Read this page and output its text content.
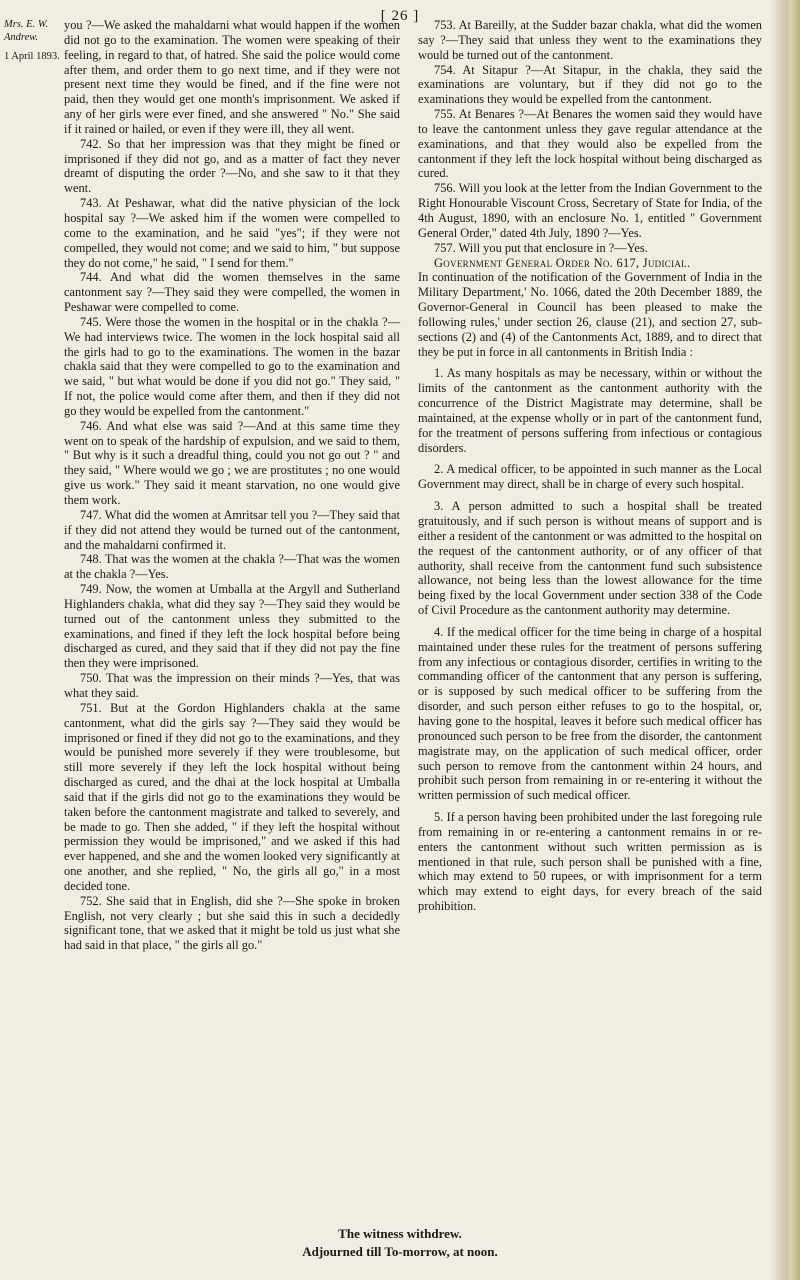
[ 26 ]
Mrs. E. W.
Andrew.
1 April 1893.

you ?—We asked the mahaldarni what would happen if the women did not go to the examination. The women were speaking of their feeling, in regard to that, of hatred. She said the police would come after them, and order them to go next time, and if they were not present next time they would be fined, and if the fine were not paid, then they would get one month's imprisonment. We asked if any of her girls were ever fined, and she answered " No." She said if it rained or hailed, or even if they were ill, they all went.

742. So that her impression was that they might be fined or imprisoned if they did not go, and as a matter of fact they never dreamt of disputing the order ?—No, and she saw to it that they went.

743. At Peshawar, what did the native physician of the lock hospital say ?—We asked him if the women were compelled to come to the examination, and he said "yes"; if they were not compelled, they would not come; and we said to him, " but suppose they do not come," he said, " I send for them."

744. And what did the women themselves in the same cantonment say ?—They said they were compelled, the women in Peshawar were compelled to come.

745. Were those the women in the hospital or in the chakla ?—We had interviews twice. The women in the lock hospital said all the girls had to go to the examinations. The women in the bazar chakla said that they were compelled to go to the examination and we said, " but what would be done if you did not go." They said, " If not, the police would come after them, and then if they did not go they would be expelled from the cantonment."

746. And what else was said ?—And at this same time they went on to speak of the hardship of expulsion, and we said to them, " But why is it such a dreadful thing, could you not go out ? " and they said, " Where would we go ; we are prostitutes ; no one would give us work." They said it meant starvation, no one would give them work.

747. What did the women at Amritsar tell you ?—They said that if they did not attend they would be turned out of the cantonment, and the mahaldarni confirmed it.

748. That was the women at the chakla ?—That was the women at the chakla ?—Yes.

749. Now, the women at Umballa at the Argyll and Sutherland Highlanders chakla, what did they say ?—They said they would be turned out of the cantonment unless they submitted to the examinations, and fined if they left the lock hospital before being discharged as cured, and they said that if they did not pay the fine then they were imprisoned.

750. That was the impression on their minds ?—Yes, that was what they said.

751. But at the Gordon Highlanders chakla at the same cantonment, what did the girls say ?—They said they would be imprisoned or fined if they did not go to the examinations, and they would be punished more severely if they were troublesome, but still more severely if they left the lock hospital without being discharged as cured, and the dhai at the lock hospital at Umballa said that if the girls did not go to the examinations they would be taken before the cantonment magistrate and talked to severely, and be made to go. Then she added, " if they left the hospital without permission they would be imprisoned," and we asked if this had ever happened, and she and the women looked very significantly at one another, and she replied, " No, the girls all go," in a most decided tone.

752. She said that in English, did she ?—She spoke in broken English, not very clearly ; but she said this in such a decidedly significant tone, that we asked that it might be told us just what she had said in that place, " the girls all go."

753. At Bareilly, at the Sudder bazar chakla, what did the women say ?—They said that unless they went to the examinations they would be turned out of the cantonment.

754. At Sitapur ?—At Sitapur, in the chakla, they said the examinations are voluntary, but if they did not go to the examinations they would be expelled from the cantonment.

755. At Benares ?—At Benares the women said they would have to leave the cantonment unless they gave regular attendance at the examinations, and that they would also be expelled from the cantonment if they left the lock hospital without being discharged as cured.

756. Will you look at the letter from the Indian Government to the Right Honourable Viscount Cross, Secretary of State for India, of the 4th August, 1890, with an enclosure No. 1, entitled " Government General Order," dated 4th July, 1890 ?—Yes.

757. Will you put that enclosure in ?—Yes.

Government General Order No. 617, Judicial.

In continuation of the notification of the Government of India in the Military Department,' No. 1066, dated the 20th December 1889, the Governor-General in Council has been pleased to make the following rules,' under section 26, clause (21), and section 27, sub-sections (2) and (4) of the Cantonments Act, 1889, and to direct that they be put in force in all cantonments in British India :

1. As many hospitals as may be necessary, within or without the limits of the cantonment as the cantonment authority with the concurrence of the District Magistrate may determine, shall be maintained, at the expense wholly or in part of the cantonment fund, for the treatment of persons suffering from infectious or contagious disorders.

2. A medical officer, to be appointed in such manner as the Local Government may direct, shall be in charge of every such hospital.

3. A person admitted to such a hospital shall be treated gratuitously, and if such person is without means of support and is either a resident of the cantonment or was admitted to the hospital on the request of the cantonment authority, or of any officer of that authority, shall receive from the cantonment fund such subsistence allowance, not being less than the lowest allowance for the time being fixed by the local Government under section 338 of the Code of Civil Procedure as the cantonment authority may determine.

4. If the medical officer for the time being in charge of a hospital maintained under these rules for the treatment of persons suffering from any infectious or contagious disorder, certifies in writing to the commanding officer of the cantonment that any person is suffering, or is supposed by such medical officer to be suffering from the disorder, and such person either refuses to go to the hospital, or, having gone to the hospital, leaves it before such medical officer has pronounced such person to be free from the disorder, the cantonment magistrate may, on the application of such medical officer, order such person to remove from the cantonment within 24 hours, and prohibit such person from remaining in or re-entering it without the written permission of such medical officer.

5. If a person having been prohibited under the last foregoing rule from remaining in or re-entering a cantonment remains in or re-enters the cantonment without such written permission as is mentioned in that rule, such person shall be punished with a fine, which may extend to 50 rupees, or with imprisonment for a term which may extend to eight days, for every breach of the said prohibition.

The witness withdrew.
Adjourned till To-morrow, at noon.
